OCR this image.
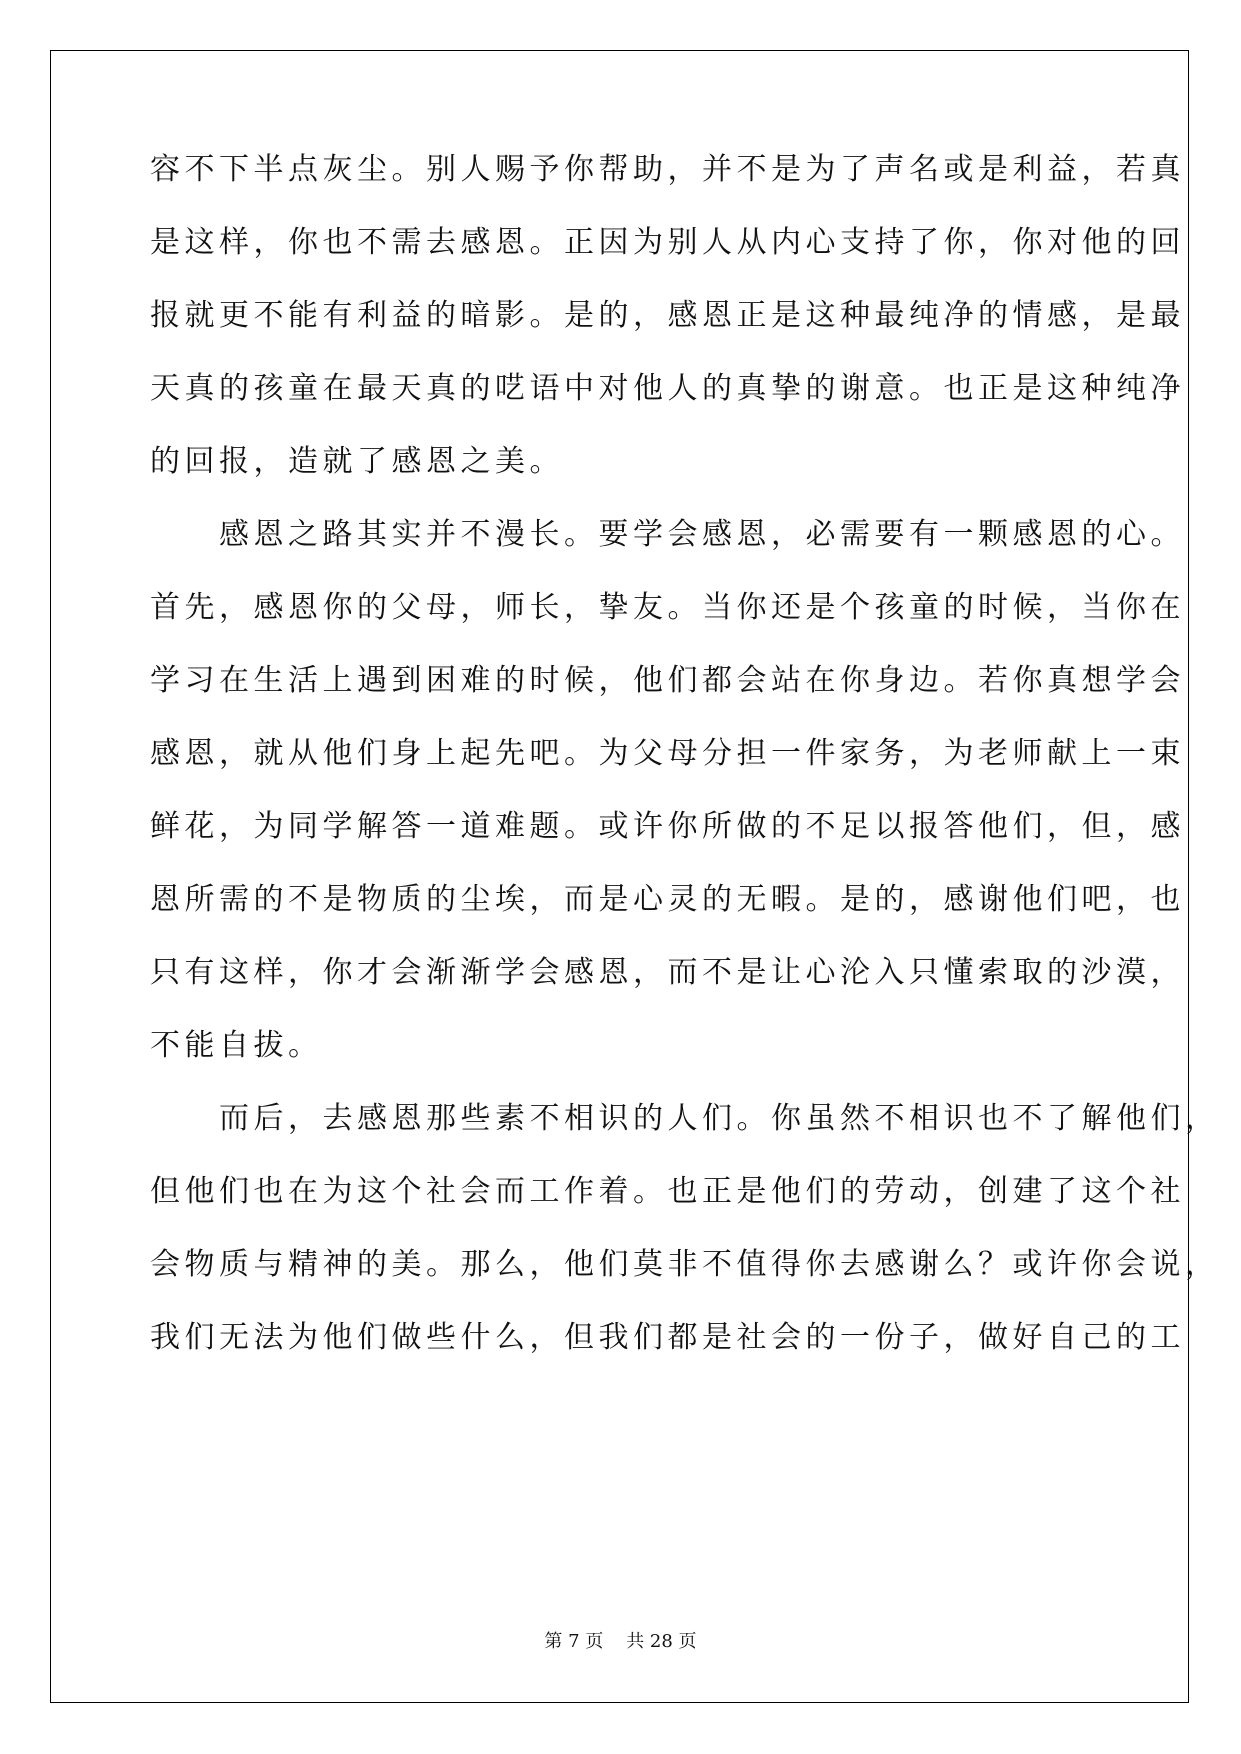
容不下半点灰尘。别人赐予你帮助，并不是为了声名或是利益，若真
是这样，你也不需去感恩。正因为别人从内心支持了你，你对他的回
报就更不能有利益的暗影。是的，感恩正是这种最纯净的情感，是最
天真的孩童在最天真的呓语中对他人的真挚的谢意。也正是这种纯净
的回报，造就了感恩之美。
　　感恩之路其实并不漫长。要学会感恩，必需要有一颗感恩的心。
首先，感恩你的父母，师长，挚友。当你还是个孩童的时候，当你在
学习在生活上遇到困难的时候，他们都会站在你身边。若你真想学会
感恩，就从他们身上起先吧。为父母分担一件家务，为老师献上一束
鲜花，为同学解答一道难题。或许你所做的不足以报答他们，但，感
恩所需的不是物质的尘埃，而是心灵的无暇。是的，感谢他们吧，也
只有这样，你才会渐渐学会感恩，而不是让心沦入只懂索取的沙漠，
不能自拔。
　　而后，去感恩那些素不相识的人们。你虽然不相识也不了解他们，
但他们也在为这个社会而工作着。也正是他们的劳动，创建了这个社
会物质与精神的美。那么，他们莫非不值得你去感谢么？或许你会说，
我们无法为他们做些什么，但我们都是社会的一份子，做好自己的工
第 7 页    共 28 页
